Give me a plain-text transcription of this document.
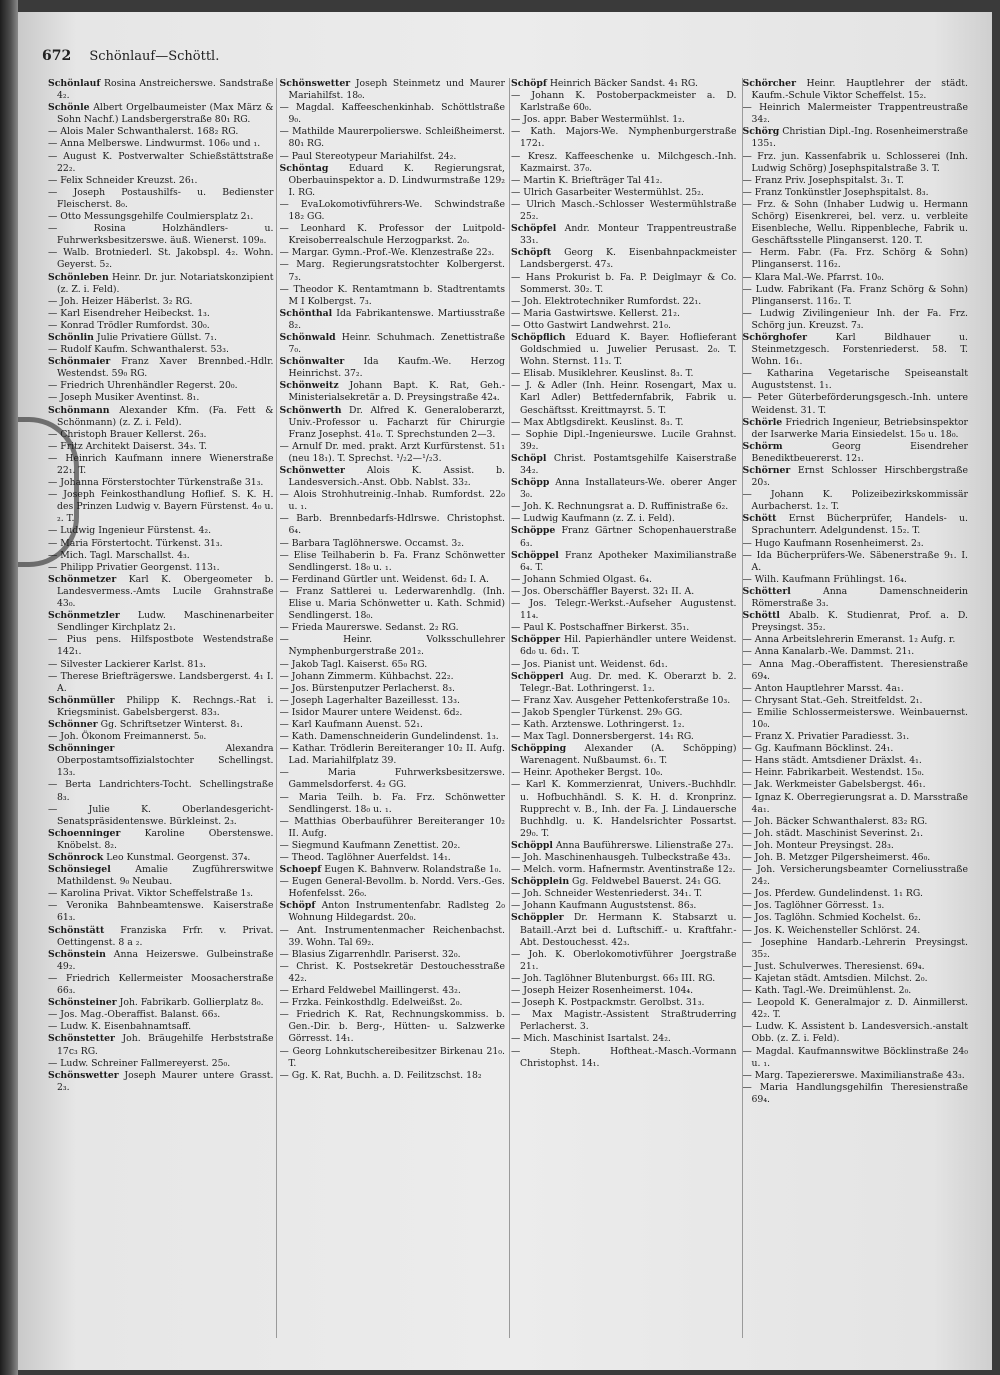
672 Schönlauf—Schöttl.

Schönlauf Rosina Anstreicherswe. Sandstraße 4₂.

Schönle Albert Orgelbaumeister (Max März & Sohn Nachf.) Landsbergerstraße 80₁ RG.

— Alois Maler Schwanthalerst. 168₂ RG.

— Anna Melberswe. Lindwurmst. 106₀ und ₁.

— August K. Postverwalter Schießstättstraße 22₂.

— Felix Schneider Kreuzst. 26₁.

— Joseph Postaushilfs- u. Bedienster Fleischerst. 8₀.

— Otto Messungsgehilfe Coulmiersplatz 2₁.

— Rosina Holzhändlers- u. Fuhrwerksbesitzerswe. äuß. Wienerst. 109₈.

— Walb. Brotniederl. St. Jakobspl. 4₂. Wohn. Geyerst. 5₂.

Schönleben Heinr. Dr. jur. Notariatskonzipient (z. Z. i. Feld).

— Joh. Heizer Häberlst. 3₂ RG.

— Karl Eisendreher Heibeckst. 1₃.

— Konrad Trödler Rumfordst. 30₀.

Schönlin Julie Privatiere Güllst. 7₁.

— Rudolf Kaufm. Schwanthalerst. 53₃.

Schönmaier Franz Xaver Brennbed.-Hdlr. Westendst. 59₀ RG.

— Friedrich Uhrenhändler Regerst. 20₀.

— Joseph Musiker Aventinst. 8₁.

Schönmann Alexander Kfm. (Fa. Fett & Schönmann) (z. Z. i. Feld).

— Christoph Brauer Kellerst. 26₃.

— Fritz Architekt Daiserst. 34₃. T.

— Heinrich Kaufmann innere Wienerstraße 22₁. T.

— Johanna Försterstochter Türkenstraße 31₃.

— Joseph Feinkosthandlung Hoflief. S. K. H. des Prinzen Ludwig v. Bayern Fürstenst. 4₀ u. ₂. T.

— Ludwig Ingenieur Fürstenst. 4₂.

— Maria Förstertocht. Türkenst. 31₃.

— Mich. Tagl. Marschallst. 4₃.

— Philipp Privatier Georgenst. 113₁.

Schönmetzer Karl K. Obergeometer b. Landesvermess.-Amts Lucile Grahnstraße 43₀.

Schönmetzler Ludw. Maschinenarbeiter Sendlinger Kirchplatz 2₁.

— Pius pens. Hilfspostbote Westendstraße 142₁.

— Silvester Lackierer Karlst. 81₃.

— Therese Briefträgerswe. Landsbergerst. 4₁ I. A.

Schönmüller Philipp K. Rechngs.-Rat i. Kriegsminist. Gabelsbergerst. 83₃.

Schönner Gg. Schriftsetzer Winterst. 8₁.

— Joh. Ökonom Freimannerst. 5₀.

Schönninger	Alexandra Oberpostamtsoffizialstochter Schellingst. 13₃.

— Berta Landrichters-Tocht. Schellingstraße 8₃.

— Julie K. Oberlandesgericht-Senatspräsidentenswe. Bürkleinst. 2₃.

Schoenninger	Karoline Oberstenswe. Knöbelst. 8₂.

Schönrock Leo Kunstmal. Georgenst. 37₄.

Schönsiegel	Amalie Zugführerswitwe Mathildenst. 9₀ Neubau.

— Karolina Privat. Viktor Scheffelstraße 1₃.

— Veronika Bahnbeamtenswe. Kaiserstraße 61₃.

Schönstätt Franziska Frfr. v. Privat. Oettingenst. 8 a ₂.

Schönstein Anna Heizerswe. Gulbeinstraße 49₂.

— Friedrich Kellermeister Moosacherstraße 66₃.

Schönsteiner Joh. Fabrikarb. Gollierplatz 8₀.

— Jos. Mag.-Oberaffist. Balanst. 66₃.

— Ludw. K. Eisenbahnamtsaff.

Schönstetter Joh. Bräugehilfe Herbststraße 17c₃ RG.

— Ludw. Schreiner Fallmereyerst. 25₀.

Schönswetter Joseph Maurer untere Grasst. 2₃.

Schönswetter Joseph Steinmetz und Maurer Mariahilfst. 18₀.

— Magdal. Kaffeeschenkinhab. Schöttlstraße 9₀.

— Mathilde Maurerpolierswe. Schleißheimerst. 80₁ RG.

— Paul Stereotypeur Mariahilfst. 24₂.

Schöntag Eduard K. Regierungsrat, Oberbauinspektor a. D. Lindwurmstraße 129₂ I. RG.

— EvaLokomotivführers-We. Schwindstraße 18₂ GG.

— Leonhard K. Professor der Luitpold-Kreisoberrealschule Herzogparkst. 2₀.

— Margar. Gymn.-Prof.-We. Klenzestraße 22₃.

— Marg. Regierungsratstochter Kolbergerst. 7₃.

— Theodor K. Rentamtmann b. Stadtrentamts M I Kolbergst. 7₃.

Schönthal Ida Fabrikantenswe. Martiusstraße 8₂.

Schönwald Heinr. Schuhmach. Zenettistraße 7₀.

Schönwalter Ida Kaufm.-We. Herzog Heinrichst. 37₂.

Schönweitz Johann Bapt. K. Rat, Geh.-Ministerialsekretär a. D. Preysingstraße 42₄.

Schönwerth Dr. Alfred K. Generaloberarzt, Univ.-Professor u. Facharzt für Chirurgie Franz Josephst. 41₀. T. Sprechstunden 2—3.

— Arnulf Dr. med. prakt. Arzt Kurfürstenst. 51₁ (neu 18₁). T. Sprechst. ¹/₂2—¹/₂3.

Schönwetter Alois K. Assist. b. Landesversich.-Anst. Obb. Nablst. 33₂.

— Alois Strohhutreinig.-Inhab. Rumfordst. 22₀ u. ₁.

— Barb. Brennbedarfs-Hdlrswe. Christophst. 6₄.

— Barbara Taglöhnerswe. Occamst. 3₂.

— Elise Teilhaberin b. Fa. Franz Schönwetter Sendlingerst. 18₀ u. ₁.

— Ferdinand Gürtler unt. Weidenst. 6d₂ I. A.

— Franz Sattlerei u. Lederwarenhdlg. (Inh. Elise u. Maria Schönwetter u. Kath. Schmid) Sendlingerst. 18₀.

— Frieda Maurerswe. Sedanst. 2₂ RG.

— Heinr. Volksschullehrer Nymphenburgerstraße 201₂.

— Jakob Tagl. Kaiserst. 65₀ RG.

— Johann Zimmerm. Kühbachst. 22₂.

— Jos. Bürstenputzer Perlacherst. 8₃.

— Joseph Lagerhalter Bazeillesst. 13₃.

— Isidor Maurer untere Weidenst. 6d₂.

— Karl Kaufmann Auenst. 52₁.

— Kath. Damenschneiderin Gundelindenst. 1₃.

— Kathar. Trödlerin Bereiteranger 10₂ II. Aufg. Lad. Mariahilfplatz 39.

— Maria Fuhrwerksbesitzerswe. Gammelsdorferst. 4₂ GG.

— Maria Teilh. b. Fa. Frz. Schönwetter Sendlingerst. 18₀ u. ₁.

— Matthias Oberbauführer Bereiteranger 10₂ II. Aufg.

— Siegmund Kaufmann Zenettist. 20₂.

— Theod. Taglöhner Auerfeldst. 14₁.

Schoepf Eugen K. Bahnverw. Rolandstraße 1₀.

— Eugen General-Bevollm. b. Nordd. Vers.-Ges. Hofenfelsst. 26₀.

Schöpf Anton Instrumentenfabr. Radlsteg 2₀ Wohnung Hildegardst. 20₀.

— Ant. Instrumentenmacher Reichenbachst. 39. Wohn. Tal 69₂.

— Blasius Zigarrenhdlr. Pariserst. 32₀.

— Christ. K. Postsekretär Destouchesstraße 42₂.

— Erhard Feldwebel Maillingerst. 43₂.

— Frzka. Feinkosthdlg. Edelweißst. 2₀.

— Friedrich K. Rat, Rechnungskommiss. b. Gen.-Dir. b. Berg-, Hütten- u. Salzwerke Görresst. 14₁.

— Georg Lohnkutschereibesitzer Birkenau 21₀. T.

— Gg. K. Rat, Buchh. a. D. Feilitzschst. 18₂

Schöpf Heinrich Bäcker Sandst. 4₁ RG.

— Johann K. Postoberpackmeister a. D. Karlstraße 60₀.

— Jos. appr. Baber Westermühlst. 1₂.

— Kath. Majors-We. Nymphenburgerstraße 172₁.

— Kresz. Kaffeeschenke u. Milchgesch.-Inh. Kazmairst. 37₀.

— Martin K. Briefträger Tal 41₂.

— Ulrich Gasarbeiter Westermühlst. 25₂.

— Ulrich Masch.-Schlosser Westermühlstraße 25₂.

Schöpfel Andr. Monteur Trappentreustraße 33₁.

Schöpft Georg K. Eisenbahnpackmeister Landsbergerst. 47₃.

— Hans Prokurist b. Fa. P. Deiglmayr & Co. Sommerst. 30₂. T.

— Joh. Elektrotechniker Rumfordst. 22₁.

— Maria Gastwirtswe. Kellerst. 21₂.

— Otto Gastwirt Landwehrst. 21₀.

Schöpflich Eduard K. Bayer. Hoflieferant Goldschmied u. Juwelier Perusast. 2₀. T. Wohn. Sternst. 11₃. T.

— Elisab. Musiklehrer. Keuslinst. 8₃. T.

— J. & Adler (Inh. Heinr. Rosengart, Max u. Karl Adler) Bettfedernfabrik, Fabrik u. Geschäftsst. Kreittmayrst. 5. T.

— Max Abtlgsdirekt. Keuslinst. 8₃. T.

— Sophie Dipl.-Ingenieurswe. Lucile Grahnst. 39₂.

Schöpl Christ. Postamtsgehilfe Kaiserstraße 34₂.

Schöpp Anna Installateurs-We. oberer Anger 3₀.

— Joh. K. Rechnungsrat a. D. Ruffinistraße 6₂.

— Ludwig Kaufmann (z. Z. i. Feld).

Schöppe Franz Gärtner Schopenhauerstraße 6₃.

Schöppel Franz Apotheker Maximilianstraße 6₄. T.

— Johann Schmied Olgast. 6₄.

— Jos. Oberschäffler Bayerst. 32₁ II. A.

— Jos. Telegr.-Werkst.-Aufseher Augustenst. 11₄.

— Paul K. Postschaffner Birkerst. 35₁.

Schöpper Hil. Papierhändler untere Weidenst. 6d₀ u. 6d₁. T.

— Jos. Pianist unt. Weidenst. 6d₁.

Schöpperl Aug. Dr. med. K. Oberarzt b. 2. Telegr.-Bat. Lothringerst. 1₂.

— Franz Xav. Ausgeher Pettenkoferstraße 10₃.

— Jakob Spengler Türkenst. 29₀ GG.

— Kath. Arztenswe. Lothringerst. 1₂.

— Max Tagl. Donnersbergerst. 14₁ RG.

Schöpping Alexander (A. Schöpping) Warenagent. Nußbaumst. 6₁. T.

— Heinr. Apotheker Bergst. 10₀.

— Karl K. Kommerzienrat, Univers.-Buchhdlr. u. Hofbuchhändl. S. K. H. d. Kronprinz. Rupprecht v. B., Inh. der Fa. J. Lindauersche Buchhdlg. u. K. Handelsrichter Possartst. 29₀. T.

Schöppl Anna Bauführerswe. Lilienstraße 27₃.

— Joh. Maschinenhausgeh. Tulbeckstraße 43₃.

— Melch. vorm. Hafnermstr. Aventinstraße 12₂.

Schöpplein Gg. Feldwebel Bauerst. 24₁ GG.

— Joh. Schneider Westenriederst. 34₁. T.

— Johann Kaufmann Auguststenst. 86₃.

Schöppler Dr. Hermann K. Stabsarzt u. Bataill.-Arzt bei d. Luftschiff.- u. Kraftfahr.-Abt. Destouchesst. 42₃.

— Joh. K. Oberlokomotivführer Joergstraße 21₁.

— Joh. Taglöhner Blutenburgst. 66₃ III. RG.

— Joseph Heizer Rosenheimerst. 104₄.

— Joseph K. Postpackmstr. Gerolbst. 31₃.

— Max Magistr.-Assistent Straßtruderring Perlacherst. 3.

— Mich. Maschinist Isartalst. 24₂.

— Steph. Hoftheat.-Masch.-Vormann Christophst. 14₁.

Schörcher Heinr. Hauptlehrer der städt. Kaufm.-Schule Viktor Scheffelst. 15₂.

— Heinrich Malermeister Trappentreustraße 34₂.

Schörg Christian Dipl.-Ing. Rosenheimerstraße 135₁.

— Frz. jun. Kassenfabrik u. Schlosserei (Inh. Ludwig Schörg) Josephspitalstraße 3. T.

— Franz Priv. Josephspitalst. 3₁. T.

— Franz Tonkünstler Josephspitalst. 8₃.

— Frz. & Sohn (Inhaber Ludwig u. Hermann Schörg) Eisenkrerei, bel. verz. u. verbleite Eisenbleche, Wellu. Rippenbleche, Fabrik u. Geschäftsstelle Plinganserst. 120. T.

— Herm. Fabr. (Fa. Frz. Schörg & Sohn) Plinganserst. 116₂.

— Klara Mal.-We. Pfarrst. 10₀.

— Ludw. Fabrikant (Fa. Franz Schörg & Sohn) Plinganserst. 116₂. T.

— Ludwig Zivilingenieur Inh. der Fa. Frz. Schörg jun. Kreuzst. 7₃.

Schörghofer	Karl Bildhauer u. Steinmetzgesch. Forstenriederst. 58. T. Wohn. 16₁.

— Katharina Vegetarische Speiseanstalt Auguststenst. 1₁.

— Peter Güterbeförderungsgesch.-Inh. untere Weidenst. 31. T.

Schörle Friedrich Ingenieur, Betriebsinspektor der Isarwerke Maria Einsiedelst. 15₀ u. 18₀.

Schörm	Georg Eisendreher Benediktbeuererst. 12₁.

Schörner Ernst Schlosser Hirschbergstraße 20₃.

— Johann K. Polizeibezirkskommissär Aurbacherst. 1₂. T.

Schött Ernst Bücherprüfer, Handels- u. Sprachunterr. Adelgundenst. 15₂. T.

— Hugo Kaufmann Rosenheimerst. 2₃.

— Ida Bücherprüfers-We. Säbenerstraße 9₁. I. A.

— Wilh. Kaufmann Frühlingst. 16₄.

Schötterl	Anna Damenschneiderin Römerstraße 3₃.

Schöttl Abalb. K. Studienrat, Prof. a. D. Preysingst. 35₂.

— Anna Arbeitslehrerin Emeranst. 1₂ Aufg. r.

— Anna Kanalarb.-We. Dammst. 21₁.

— Anna Mag.-Oberaffistent. Theresienstraße 69₄.

— Anton Hauptlehrer Marsst. 4a₁.

— Chrysant Stat.-Geh. Streitfeldst. 2₁.

— Emilie Schlossermeisterswe. Weinbauernst. 10₀.

— Franz X. Privatier Paradiesst. 3₁.

— Gg. Kaufmann Böcklinst. 24₁.

— Hans städt. Amtsdiener Dräxlst. 4₁.

— Heinr. Fabrikarbeit. Westendst. 15₀.

— Jak. Werkmeister Gabelsbergst. 46₁.

— Ignaz K. Oberregierungsrat a. D. Marsstraße 4a₁.

— Joh. Bäcker Schwanthalerst. 83₂ RG.

— Joh. städt. Maschinist Severinst. 2₁.

— Joh. Monteur Preysingst. 28₃.

— Joh. B. Metzger Pilgersheimerst. 46₀.

— Joh. Versicherungsbeamter Corneliusstraße 24₂.

— Jos. Pferdew. Gundelindenst. 1₁ RG.

— Jos. Taglöhner Görresst. 1₃.

— Jos. Taglöhn. Schmied Kochelst. 6₂.

— Jos. K. Weichensteller Schlörst. 24.

— Josephine Handarb.-Lehrerin Preysingst. 35₂.

— Just. Schulverwes. Theresienst. 69₄.

— Kajetan städt. Amtsdien. Milchst. 2₀.

— Kath. Tagl.-We. Dreimühlenst. 2₀.

— Leopold K. Generalmajor z. D. Ainmillerst. 42₂. T.

— Ludw. K. Assistent b. Landesversich.-anstalt Obb. (z. Z. i. Feld).

— Magdal. Kaufmannswitwe Böcklinstraße 24₀ u. ₁.

— Marg. Tapeziererswe. Maximilianstraße 43₃.

— Maria Handlungsgehilfin Theresienstraße 69₄.
